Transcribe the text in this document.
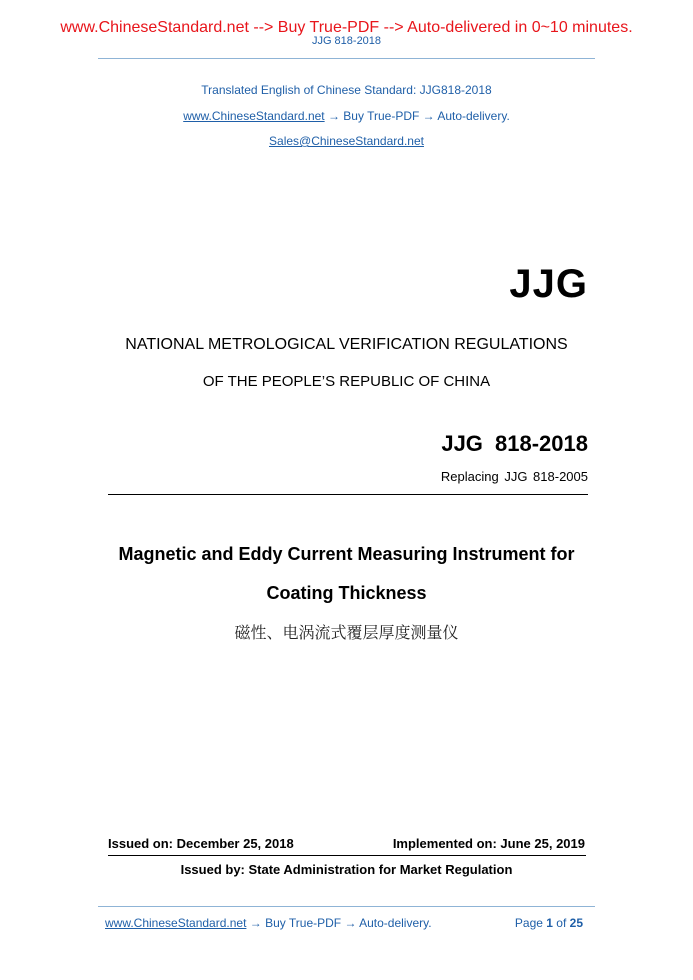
www.ChineseStandard.net --> Buy True-PDF --> Auto-delivered in 0~10 minutes.
JJG 818-2018
Translated English of Chinese Standard: JJG818-2018
www.ChineseStandard.net → Buy True-PDF → Auto-delivery.
Sales@ChineseStandard.net
JJG
NATIONAL METROLOGICAL VERIFICATION REGULATIONS
OF THE PEOPLE’S REPUBLIC OF CHINA
JJG 818-2018
Replacing JJG 818-2005
Magnetic and Eddy Current Measuring Instrument for
Coating Thickness
磁性、电涡流式覆层厚度测量仪
Issued on: December 25, 2018	Implemented on: June 25, 2019
Issued by: State Administration for Market Regulation
www.ChineseStandard.net → Buy True-PDF → Auto-delivery.	Page 1 of 25
